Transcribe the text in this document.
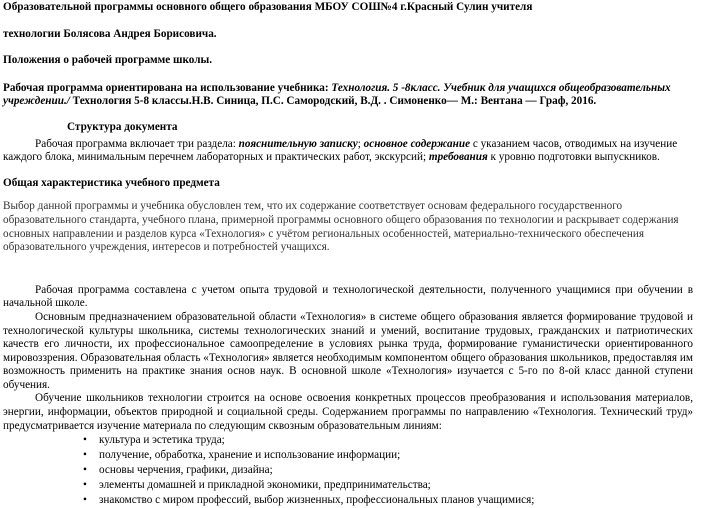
Образовательной программы основного общего образования МБОУ СОШ№4 г.Красный Сулин учителя

технологии Болясова Андрея Борисовича.

Положения о рабочей программе школы.

Рабочая программа ориентирована на использование учебника: Технология. 5 -8класс. Учебник для учащихся общеобразовательных учреждении./ Технология 5-8 классы.Н.В. Синица, П.С. Самородский, В.Д. . Симоненко— М.: Вентана — Граф, 2016.

Структура документа

Рабочая программа включает три раздела: пояснительную записку; основное содержание с указанием часов, отводимых на изучение каждого блока, минимальным перечнем лабораторных и практических работ, экскурсий; требования к уровню подготовки выпускников.

Общая характеристика учебного предмета

Выбор данной программы и учебника обусловлен тем, что их содержание соответствует основам федерального государственного образовательного стандарта, учебного плана, примерной программы основного общего образования по технологии и раскрывает содержания основных направлении и разделов курса «Технология» с учётом региональных особенностей, материально-технического обеспечения образовательного учреждения, интересов и потребностей учащихся.

Рабочая программа составлена с учетом опыта трудовой и технологической деятельности, полученного учащимися при обучении в начальной школе.

Основным предназначением образовательной области «Технология» в системе общего образования является формирование трудовой и технологической культуры школьника, системы технологических знаний и умений, воспитание трудовых, гражданских и патриотических качеств его личности, их профессиональное самоопределение в условиях рынка труда, формирование гуманистически ориентированного мировоззрения. Образовательная область «Технология» является необходимым компонентом общего образования школьников, предоставляя им возможность применить на практике знания основ наук. В основной школе «Технология» изучается с 5-го по 8-ой класс данной ступени обучения.

Обучение школьников технологии строится на основе освоения конкретных процессов преобразования и использования материалов, энергии, информации, объектов природной и социальной среды. Содержанием программы по направлению «Технология. Технический труд» предусматривается изучение материала по следующим сквозным образовательным линиям:

• культура и эстетика труда;
• получение, обработка, хранение и использование информации;
• основы черчения, графики, дизайна;
• элементы домашней и прикладной экономики, предпринимательства;
• знакомство с миром профессий, выбор жизненных, профессиональных планов учащимися;
